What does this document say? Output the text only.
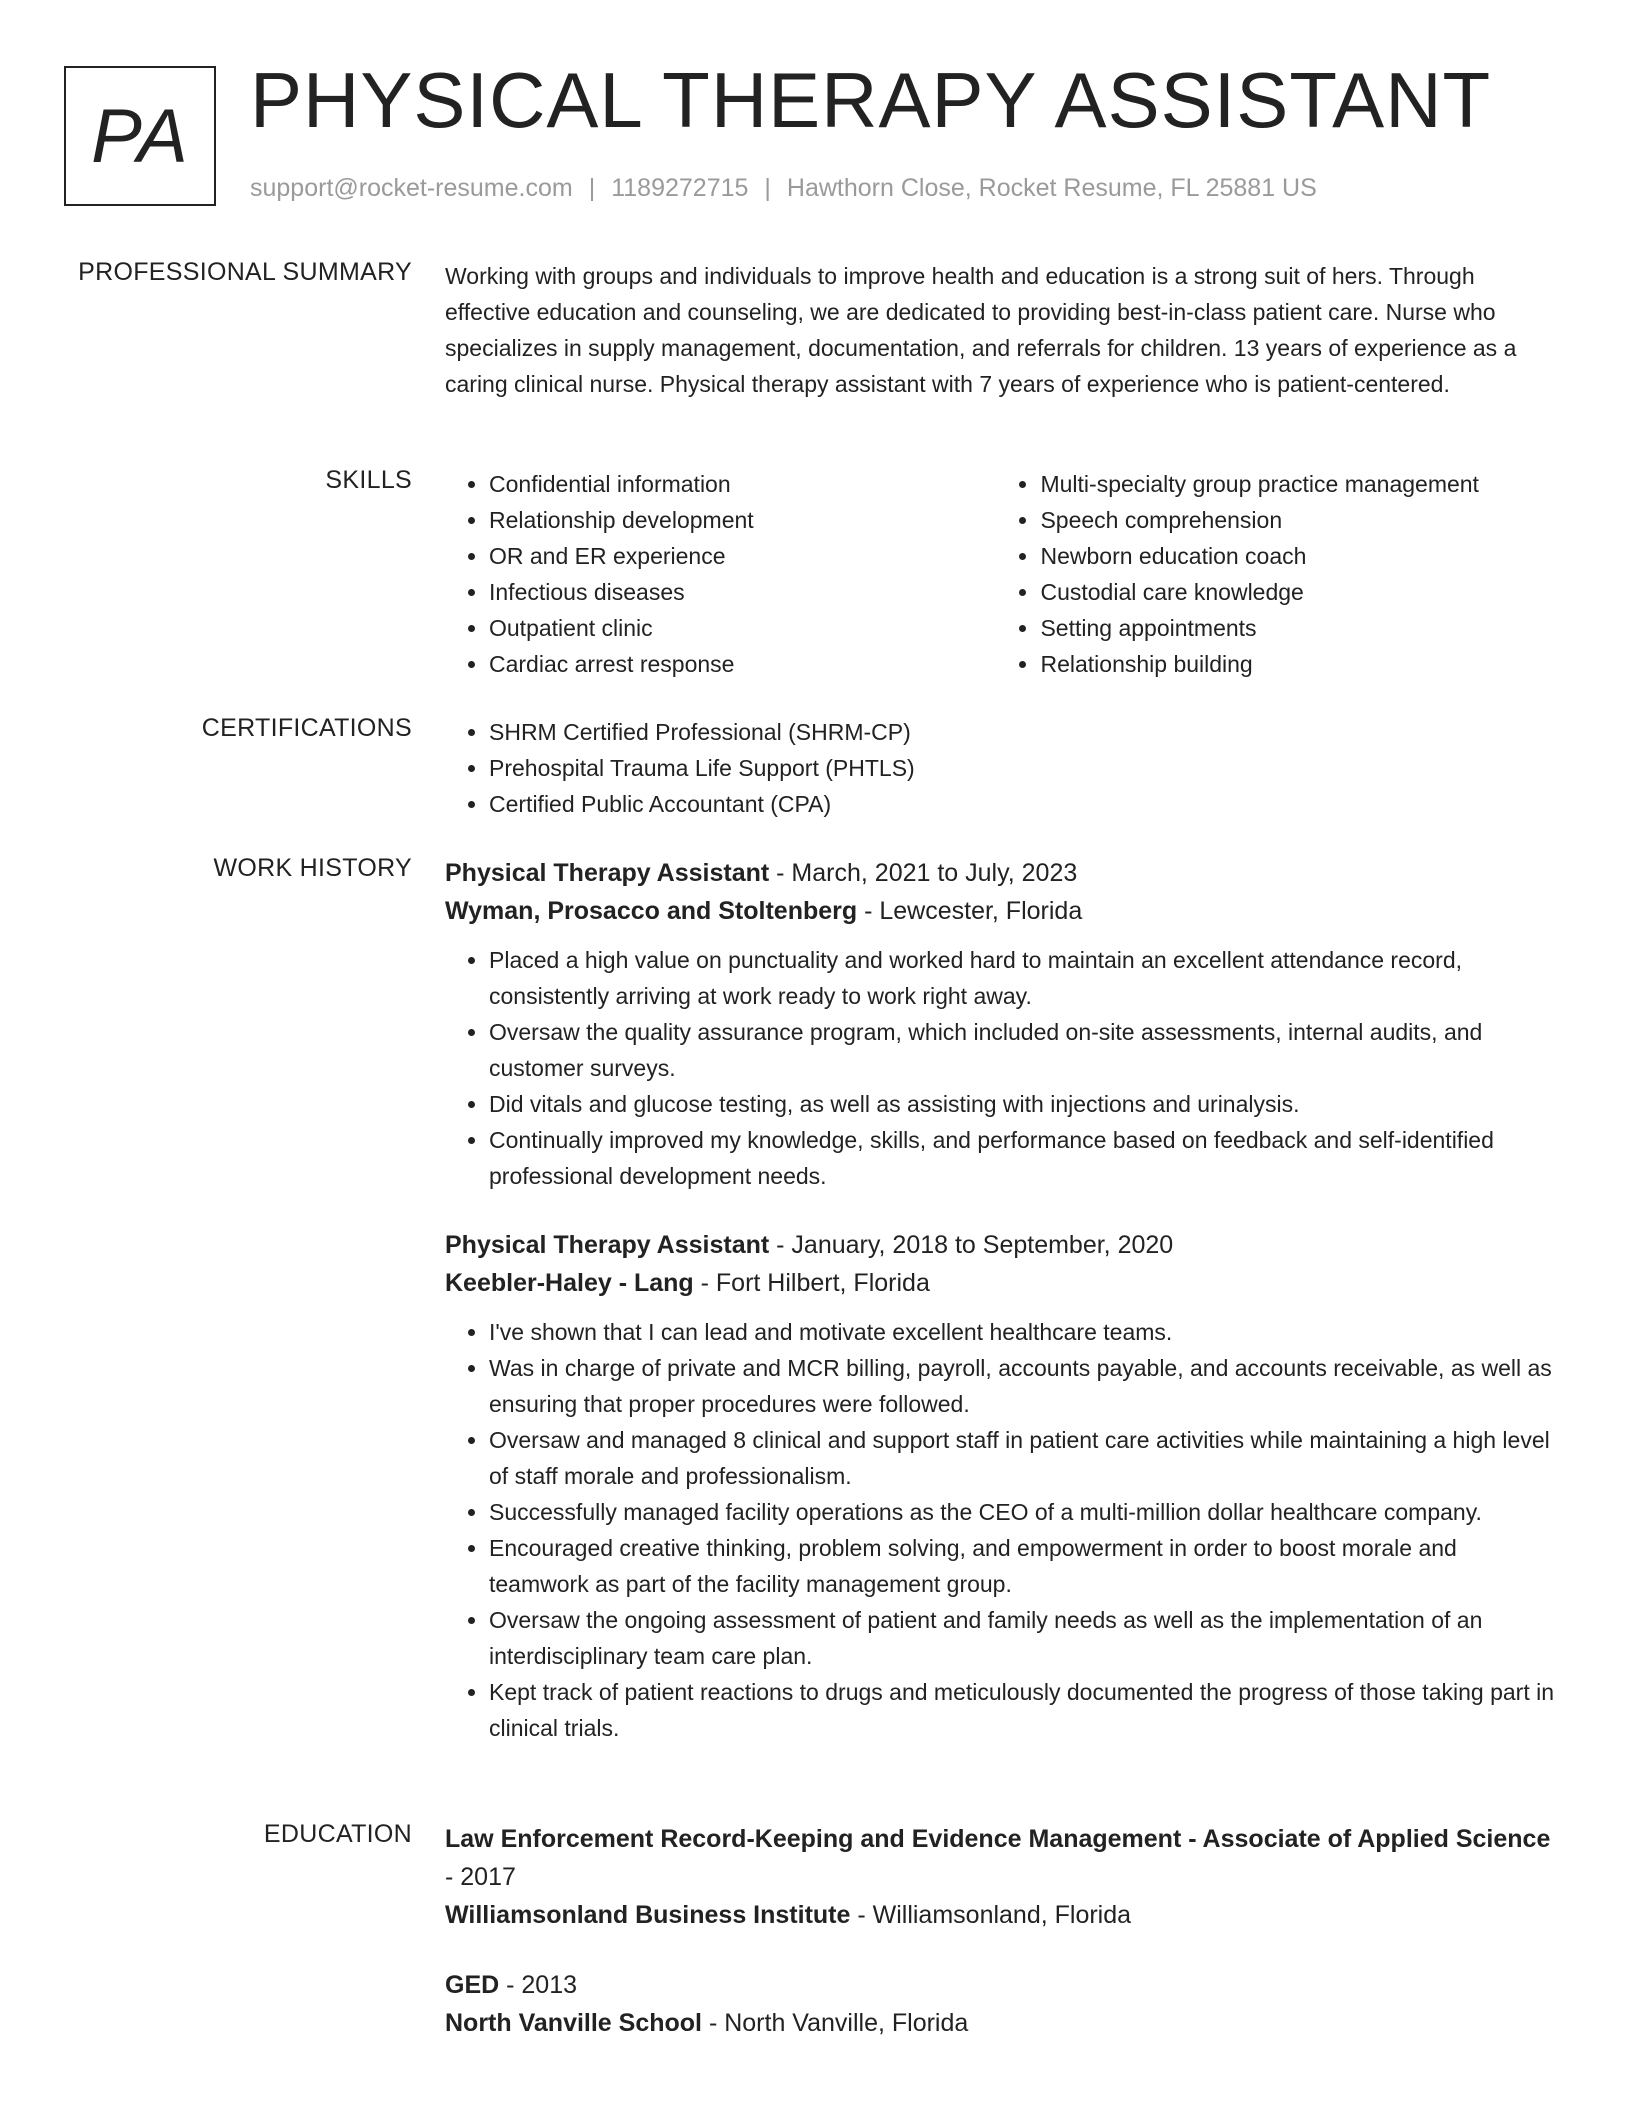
PA PHYSICAL THERAPY ASSISTANT
support@rocket-resume.com | 1189272715 | Hawthorn Close, Rocket Resume, FL 25881 US
PROFESSIONAL SUMMARY Working with groups and individuals to improve health and education is a strong suit of hers. Through effective education and counseling, we are dedicated to providing best-in-class patient care. Nurse who specializes in supply management, documentation, and referrals for children. 13 years of experience as a caring clinical nurse. Physical therapy assistant with 7 years of experience who is patient-centered.
SKILLS	• Confidential information
• Relationship development
• OR and ER experience
• Infectious diseases
• Outpatient clinic
• Cardiac arrest response
• Multi-specialty group practice management
• Speech comprehension
• Newborn education coach
• Custodial care knowledge
• Setting appointments
• Relationship building
CERTIFICATIONS	• SHRM Certified Professional (SHRM-CP)
• Prehospital Trauma Life Support (PHTLS)
• Certified Public Accountant (CPA)
WORK HISTORY Physical Therapy Assistant - March, 2021 to July, 2023
Wyman, Prosacco and Stoltenberg - Lewcester, Florida
• Placed a high value on punctuality and worked hard to maintain an excellent attendance record, consistently arriving at work ready to work right away.
• Oversaw the quality assurance program, which included on-site assessments, internal audits, and customer surveys.
• Did vitals and glucose testing, as well as assisting with injections and urinalysis.
• Continually improved my knowledge, skills, and performance based on feedback and self-identified professional development needs.
Physical Therapy Assistant - January, 2018 to September, 2020
Keebler-Haley - Lang - Fort Hilbert, Florida
• I've shown that I can lead and motivate excellent healthcare teams.
• Was in charge of private and MCR billing, payroll, accounts payable, and accounts receivable, as well as ensuring that proper procedures were followed.
• Oversaw and managed 8 clinical and support staff in patient care activities while maintaining a high level of staff morale and professionalism.
• Successfully managed facility operations as the CEO of a multi-million dollar healthcare company.
• Encouraged creative thinking, problem solving, and empowerment in order to boost morale and teamwork as part of the facility management group.
• Oversaw the ongoing assessment of patient and family needs as well as the implementation of an interdisciplinary team care plan.
• Kept track of patient reactions to drugs and meticulously documented the progress of those taking part in clinical trials.
EDUCATION Law Enforcement Record-Keeping and Evidence Management - Associate of Applied Science - 2017
Williamsonland Business Institute - Williamsonland, Florida
GED - 2013
North Vanville School - North Vanville, Florida
